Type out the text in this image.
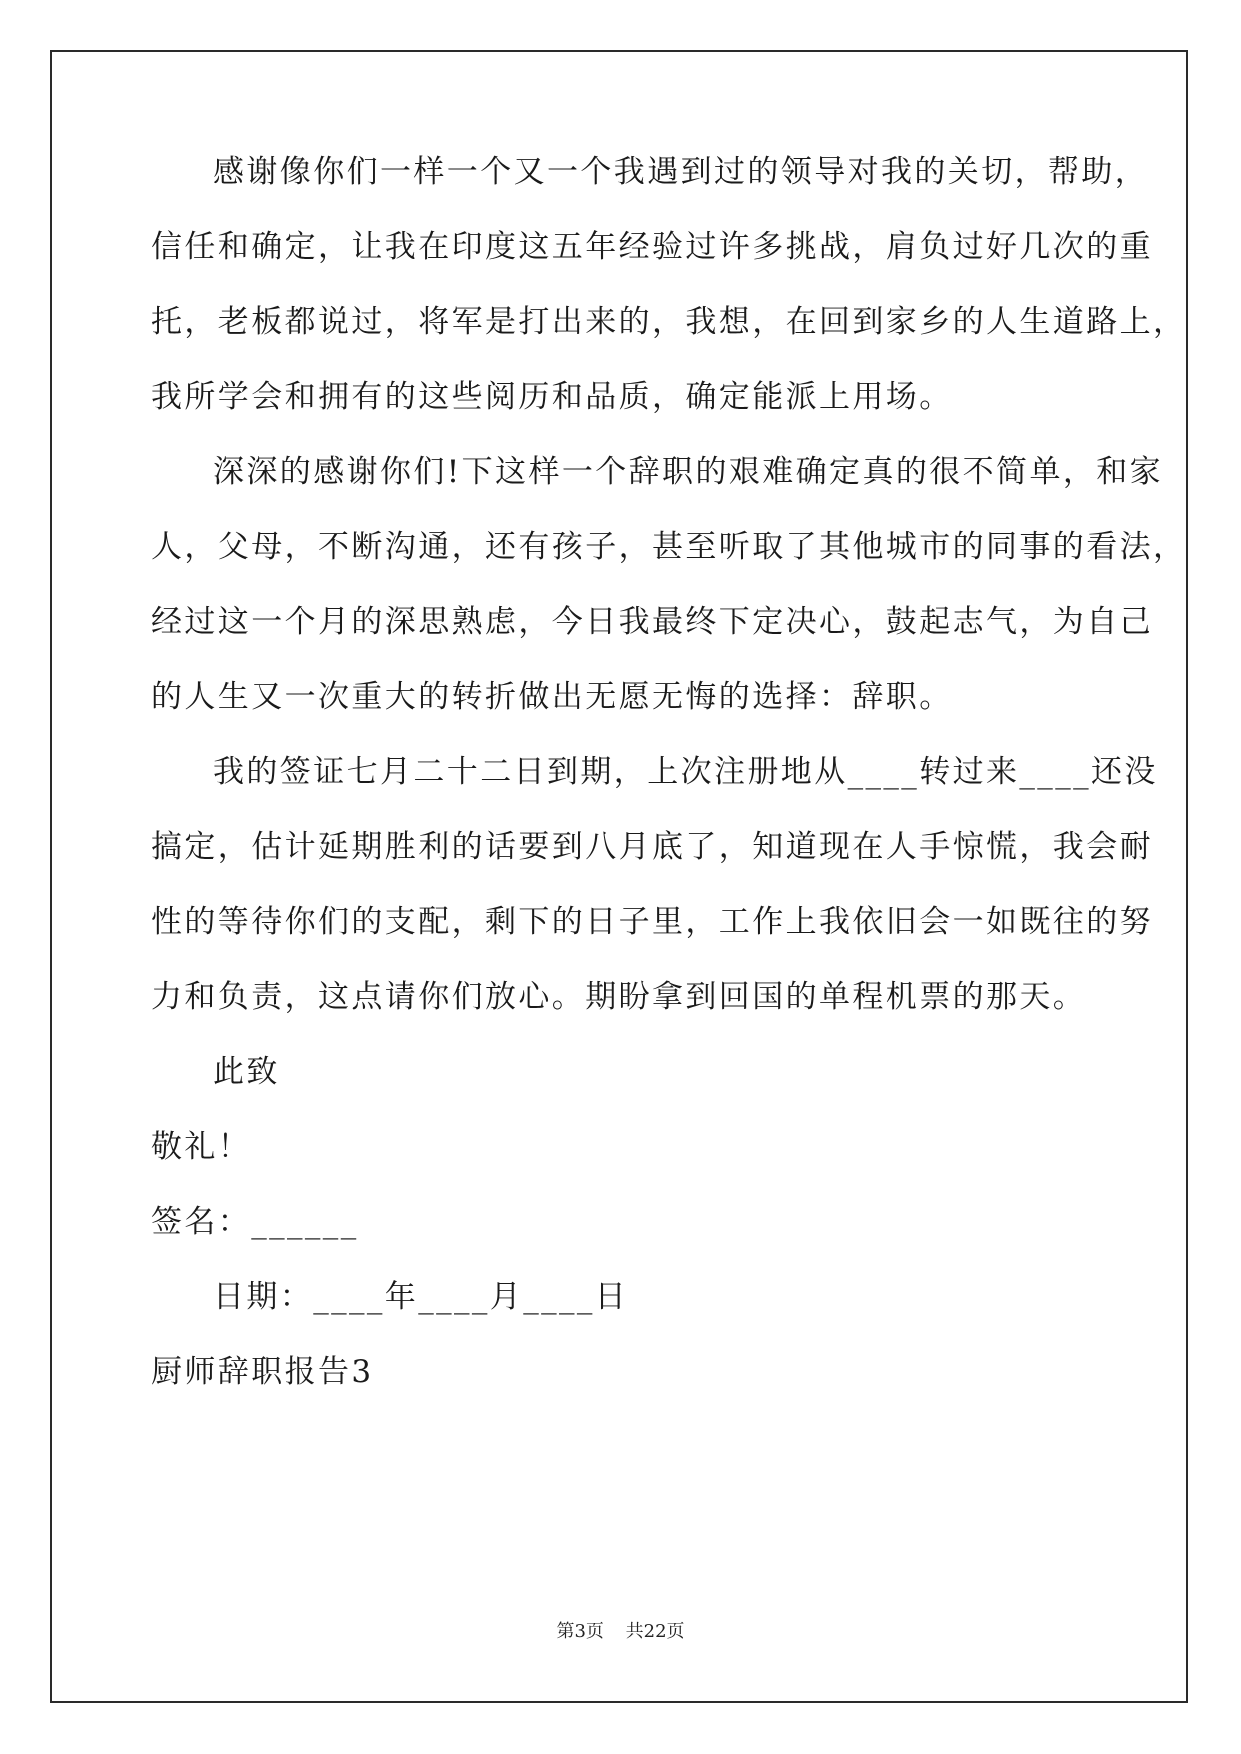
感谢像你们一样一个又一个我遇到过的领导对我的关切，帮助，
信任和确定，让我在印度这五年经验过许多挑战，肩负过好几次的重
托，老板都说过，将军是打出来的，我想，在回到家乡的人生道路上，
我所学会和拥有的这些阅历和品质，确定能派上用场。
深深的感谢你们!下这样一个辞职的艰难确定真的很不简单，和家
人，父母，不断沟通，还有孩子，甚至听取了其他城市的同事的看法，
经过这一个月的深思熟虑，今日我最终下定决心，鼓起志气，为自己
的人生又一次重大的转折做出无愿无悔的选择：辞职。
我的签证七月二十二日到期，上次注册地从____转过来____还没
搞定，估计延期胜利的话要到八月底了，知道现在人手惊慌，我会耐
性的等待你们的支配，剩下的日子里，工作上我依旧会一如既往的努
力和负责，这点请你们放心。期盼拿到回国的单程机票的那天。
此致
敬礼！
签名：______
日期：____年____月____日
厨师辞职报告3
第3页 共22页
